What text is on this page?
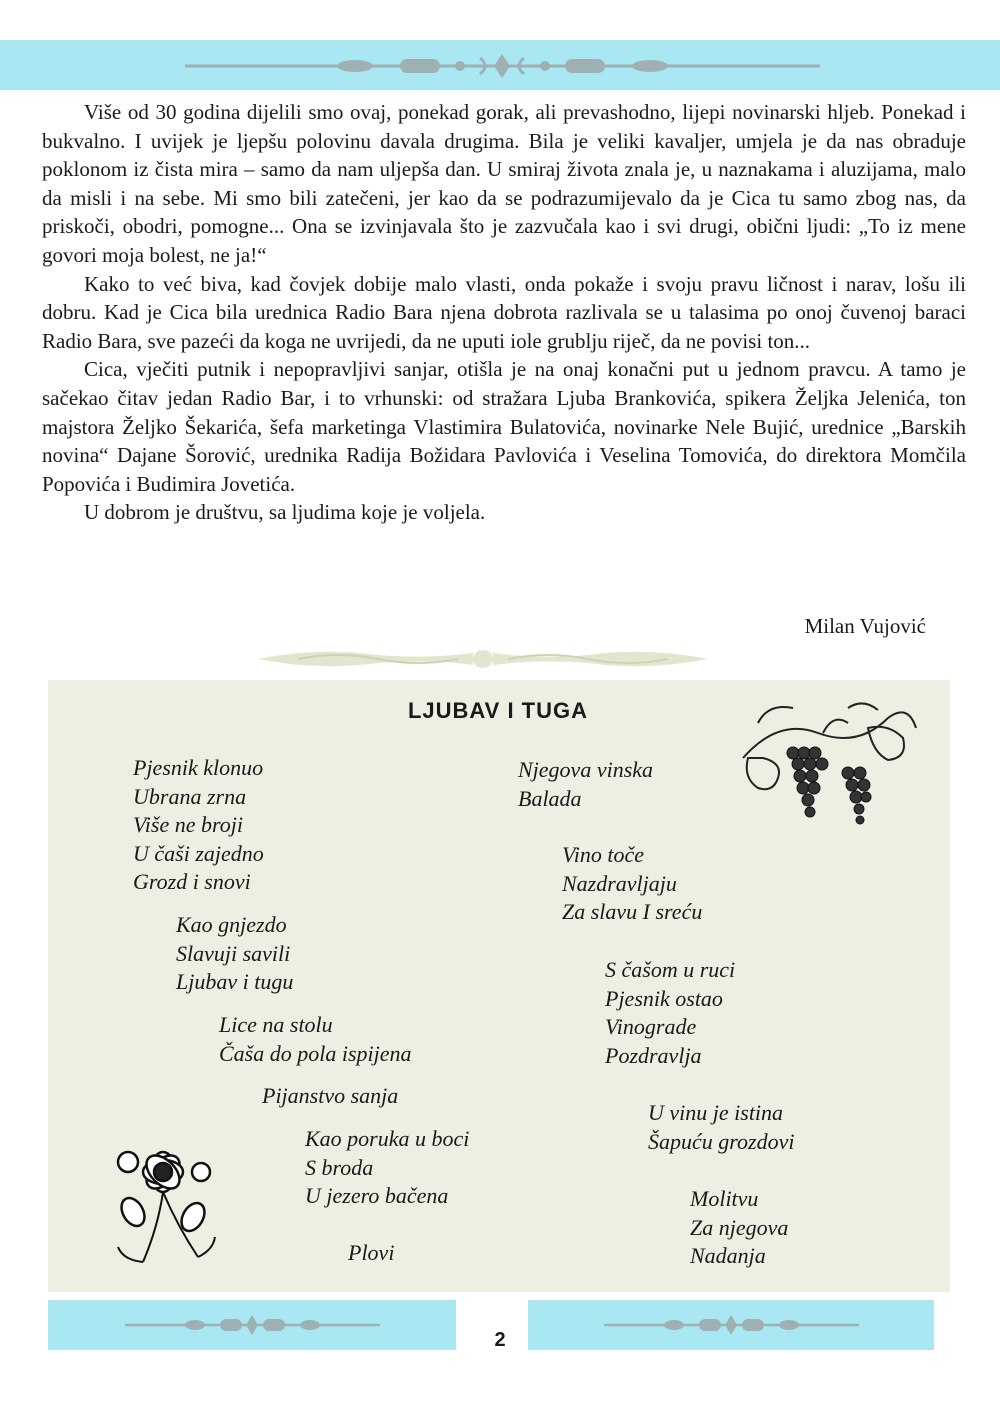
Više od 30 godina dijelili smo ovaj, ponekad gorak, ali prevashodno, lijepi novinarski hljeb. Ponekad i bukvalno. I uvijek je ljepšu polovinu davala drugima. Bila je veliki kavaljer, umjela je da nas obraduje poklonom iz čista mira – samo da nam uljepša dan. U smiraj života znala je, u naznakama i aluzijama, malo da misli i na sebe. Mi smo bili zatečeni, jer kao da se podrazumijevalo da je Cica tu samo zbog nas, da priskoči, obodri, pomogne... Ona se izvinjavala što je zazvučala kao i svi drugi, obični ljudi: „To iz mene govori moja bolest, ne ja!“

Kako to već biva, kad čovjek dobije malo vlasti, onda pokaže i svoju pravu ličnost i narav, lošu ili dobru. Kad je Cica bila urednica Radio Bara njena dobrota razlivala se u talasima po onoj čuvenoj baraci Radio Bara, sve pazeći da koga ne uvrijedi, da ne uputi iole grublju riječ, da ne povisi ton...

Cica, vječiti putnik i nepopravljivi sanjar, otišla je na onaj konačni put u jednom pravcu. A tamo je sačekao čitav jedan Radio Bar, i to vrhunski: od stražara Ljuba Brankovića, spikera Željka Jelenića, ton majstora Željko Šekarića, šefa marketinga Vlastimira Bulatovića, novinarke Nele Bujić, urednice „Barskih novina“ Dajane Šorović, urednika Radija Božidara Pavlovića i Veselina Tomovića, do direktora Momčila Popovića i Budimira Jovetića.

U dobrom je društvu, sa ljudima koje je voljela.

Milan Vujović
LJUBAV I TUGA
Pjesnik klonuo
Ubrana zrna
Više ne broji
U čaši zajedno
Grozd i snovi
Kao gnjezdo
Slavuji savili
Ljubav i tugu
Lice na stolu
Čaša do pola ispijena
Pijanstvo sanja
Kao poruka u boci
S broda
U jezero bačena
Plovi
Njegova vinska
Balada
Vino toče
Nazdravljaju
Za slavu I sreću
S čašom u ruci
Pjesnik ostao
Vinograde
Pozdravlja
U vinu je istina
Šapuću grozdovi
Molitvu
Za njegova
Nadanja
2
